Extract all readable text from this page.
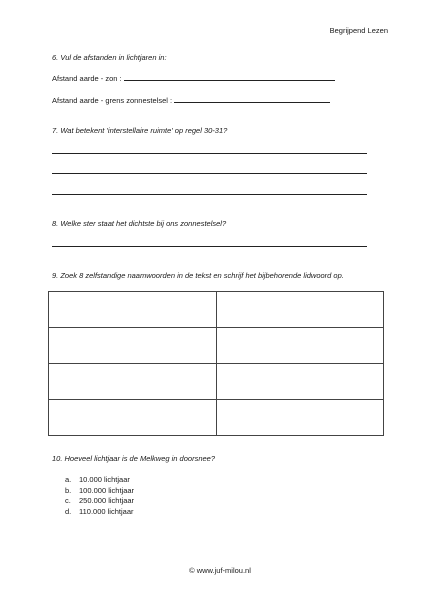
Begrijpend Lezen
6. Vul de afstanden in lichtjaren in:
Afstand aarde - zon :
Afstand aarde - grens zonnestelsel :
7. Wat betekent 'interstellaire ruimte' op regel 30-31?
8. Welke ster staat het dichtste bij ons zonnestelsel?
9. Zoek 8 zelfstandige naamwoorden in de tekst en schrijf het bijbehorende lidwoord op.

10. Hoeveel lichtjaar is de Melkweg in doorsnee?
a. 10.000 lichtjaar
b. 100.000 lichtjaar
c. 250.000 lichtjaar
d. 110.000 lichtjaar
© www.juf-milou.nl
